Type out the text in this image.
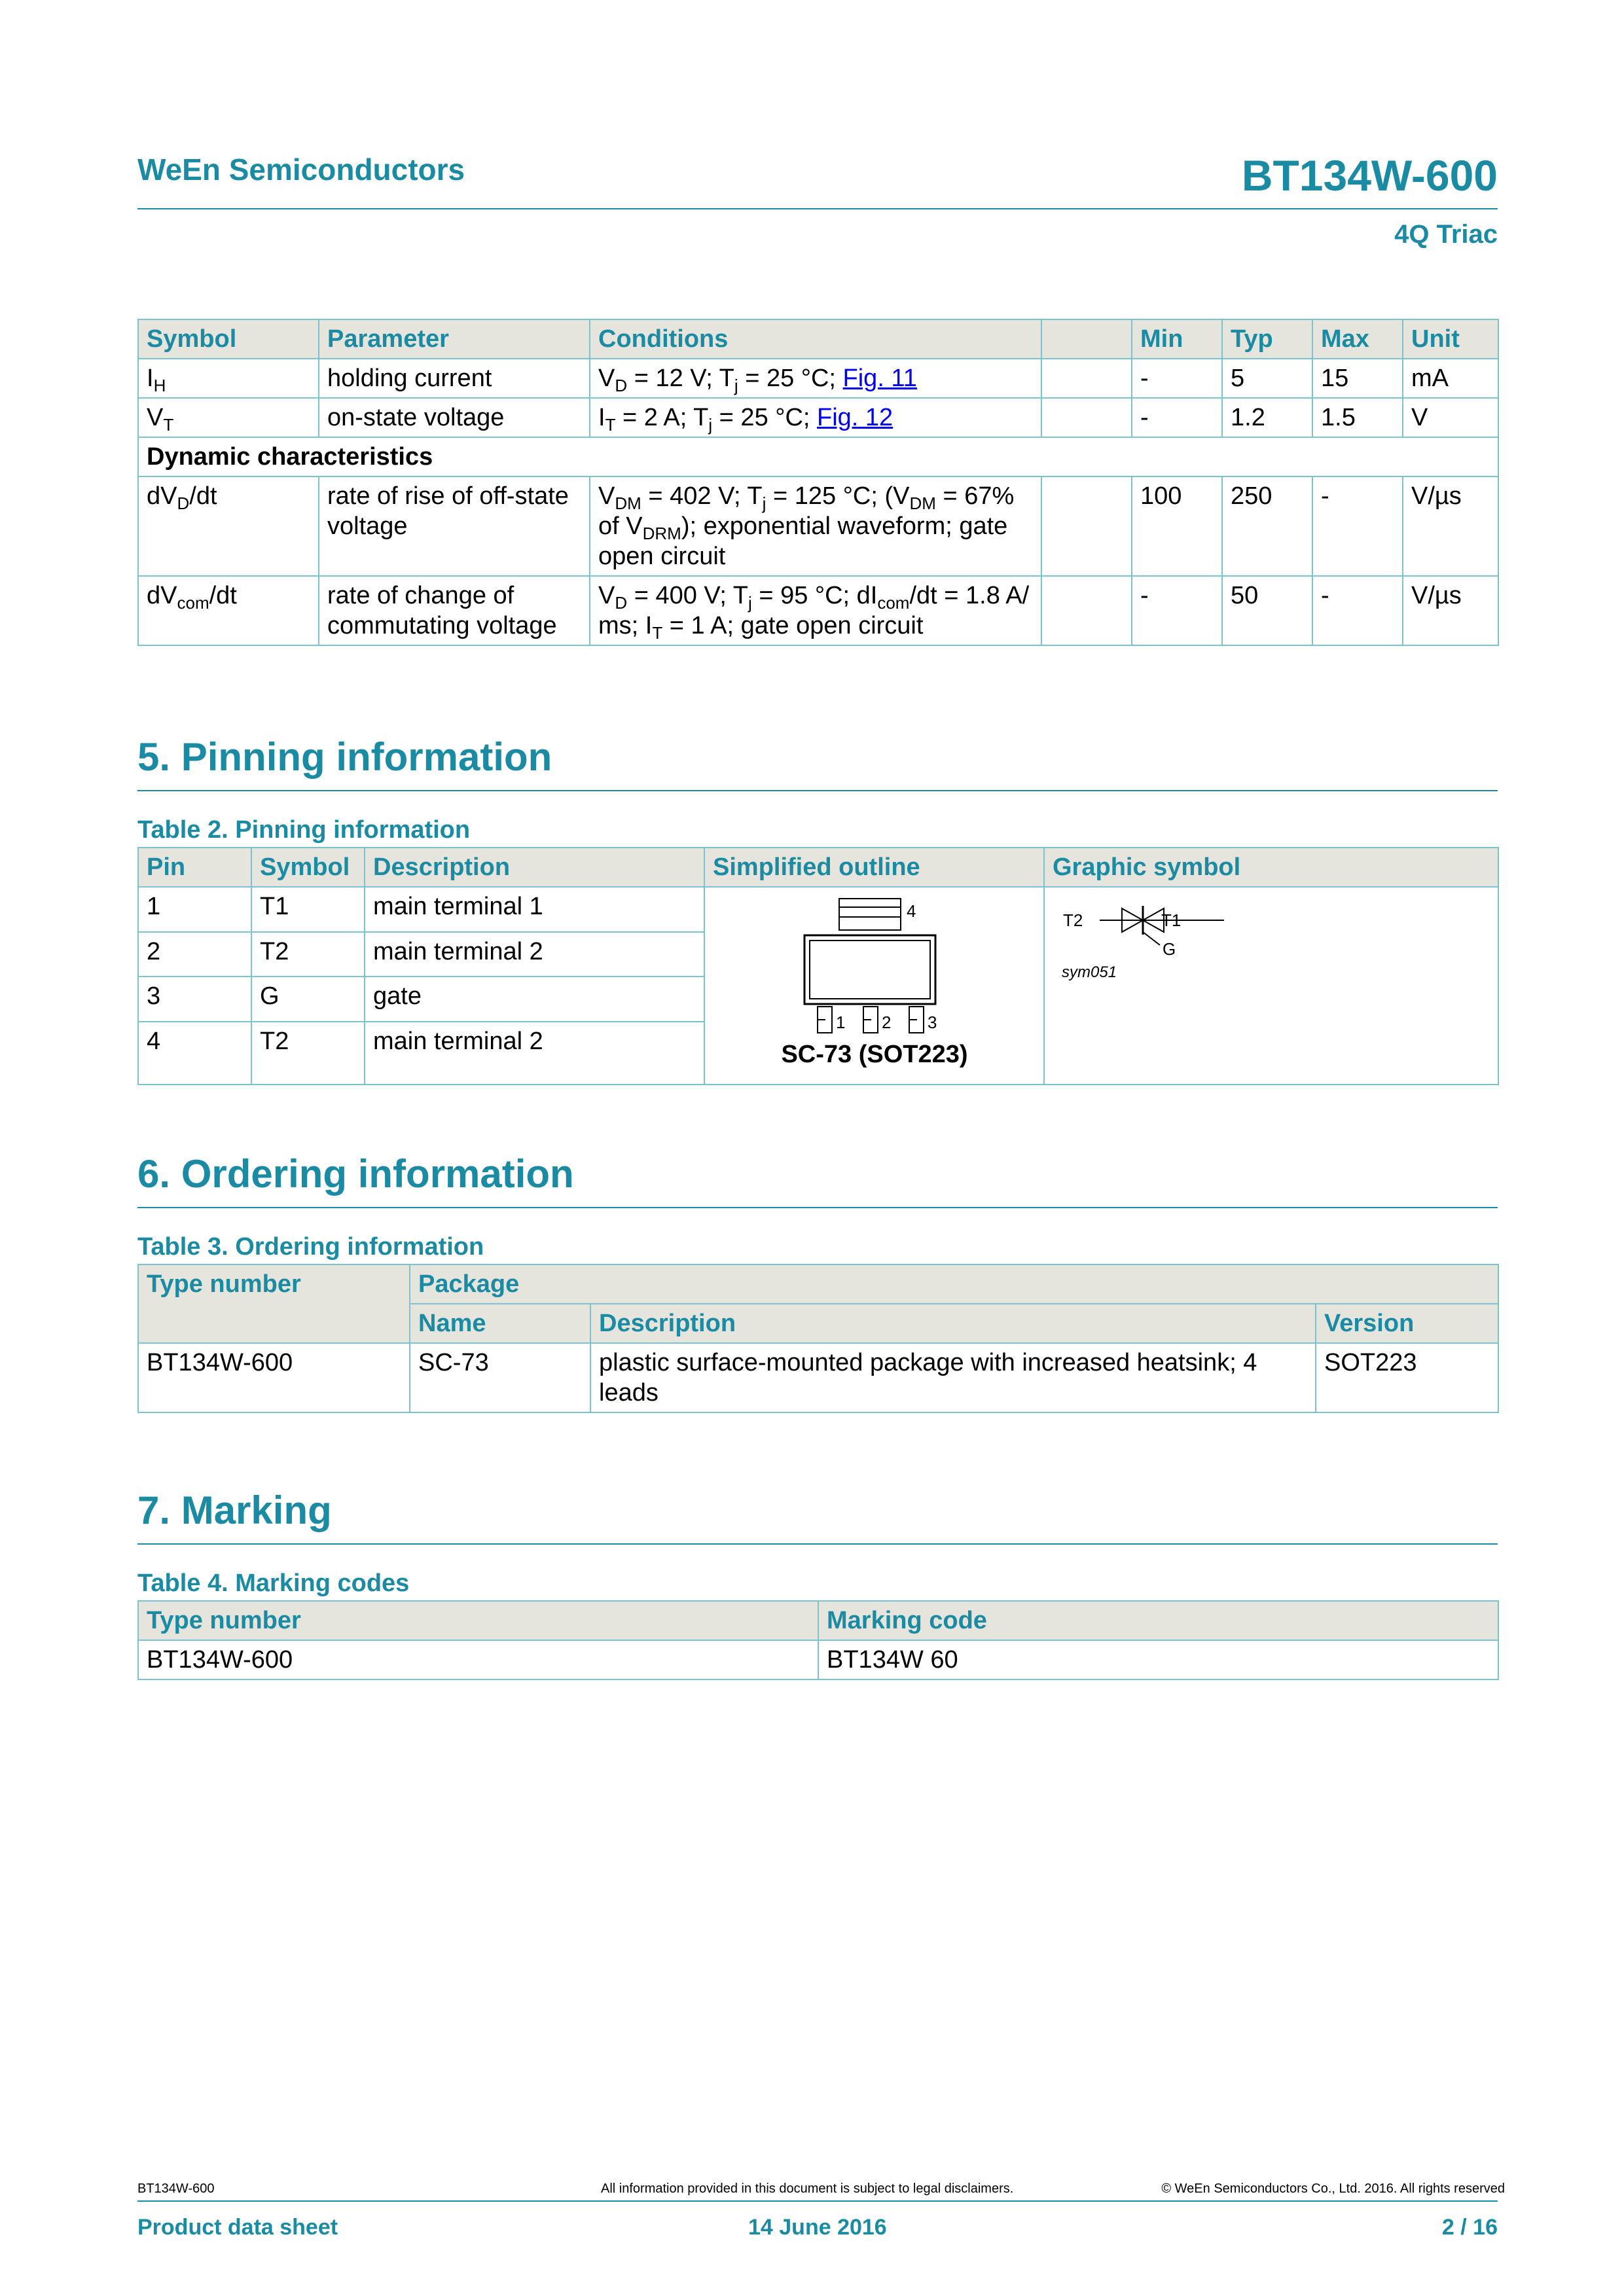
WeEn Semiconductors	BT134W-600
4Q Triac
Symbol	Parameter	Conditions		Min	Typ	Max	Unit
$I_H$	holding current	$V_D = 12$ V; $T_j = 25$ °C; Fig. 11		-	5	15	mA
$V_T$	on-state voltage	$I_T = 2$ A; $T_j = 25$ °C; Fig. 12		-	1.2	1.5	V
Dynamic characteristics							
$dV_D/dt$	rate of rise of off-state voltage	$V_{DM} = 402$ V; $T_j = 125$ °C; ($V_{DM} = 67\%$ of $V_{DRM}$); exponential waveform; gate open circuit		100	250	-	V/µs
$dV_{com}/dt$	rate of change of commutating voltage	$V_D = 400$ V; $T_j = 95$ °C; $dI_{com}/dt = 1.8$ A/ ms; $I_T = 1$ A; gate open circuit		-	50	-	V/µs
5. Pinning information
Table 2. Pinning information
Pin	Symbol	Description	Simplified outline	Graphic symbol
1	T1	main terminal 1	4
1 2 3
SC-73 (SOT223)	T2 T1
G
sym051

2	T2	main terminal 2		
3	G	gate		
4	T2	main terminal 2		
6. Ordering information
Table 3. Ordering information
Type number	Package		
	Name	Description	Version
BT134W-600	SC-73	plastic surface-mounted package with increased heatsink; 4 leads	SOT223
7. Marking
Table 4. Marking codes
Type number	Marking code
BT134W-600	BT134W 60
BT134W-600	All information provided in this document is subject to legal disclaimers.	© WeEn Semiconductors Co., Ltd. 2016. All rights reserved
Product data sheet	14 June 2016	2 / 16
